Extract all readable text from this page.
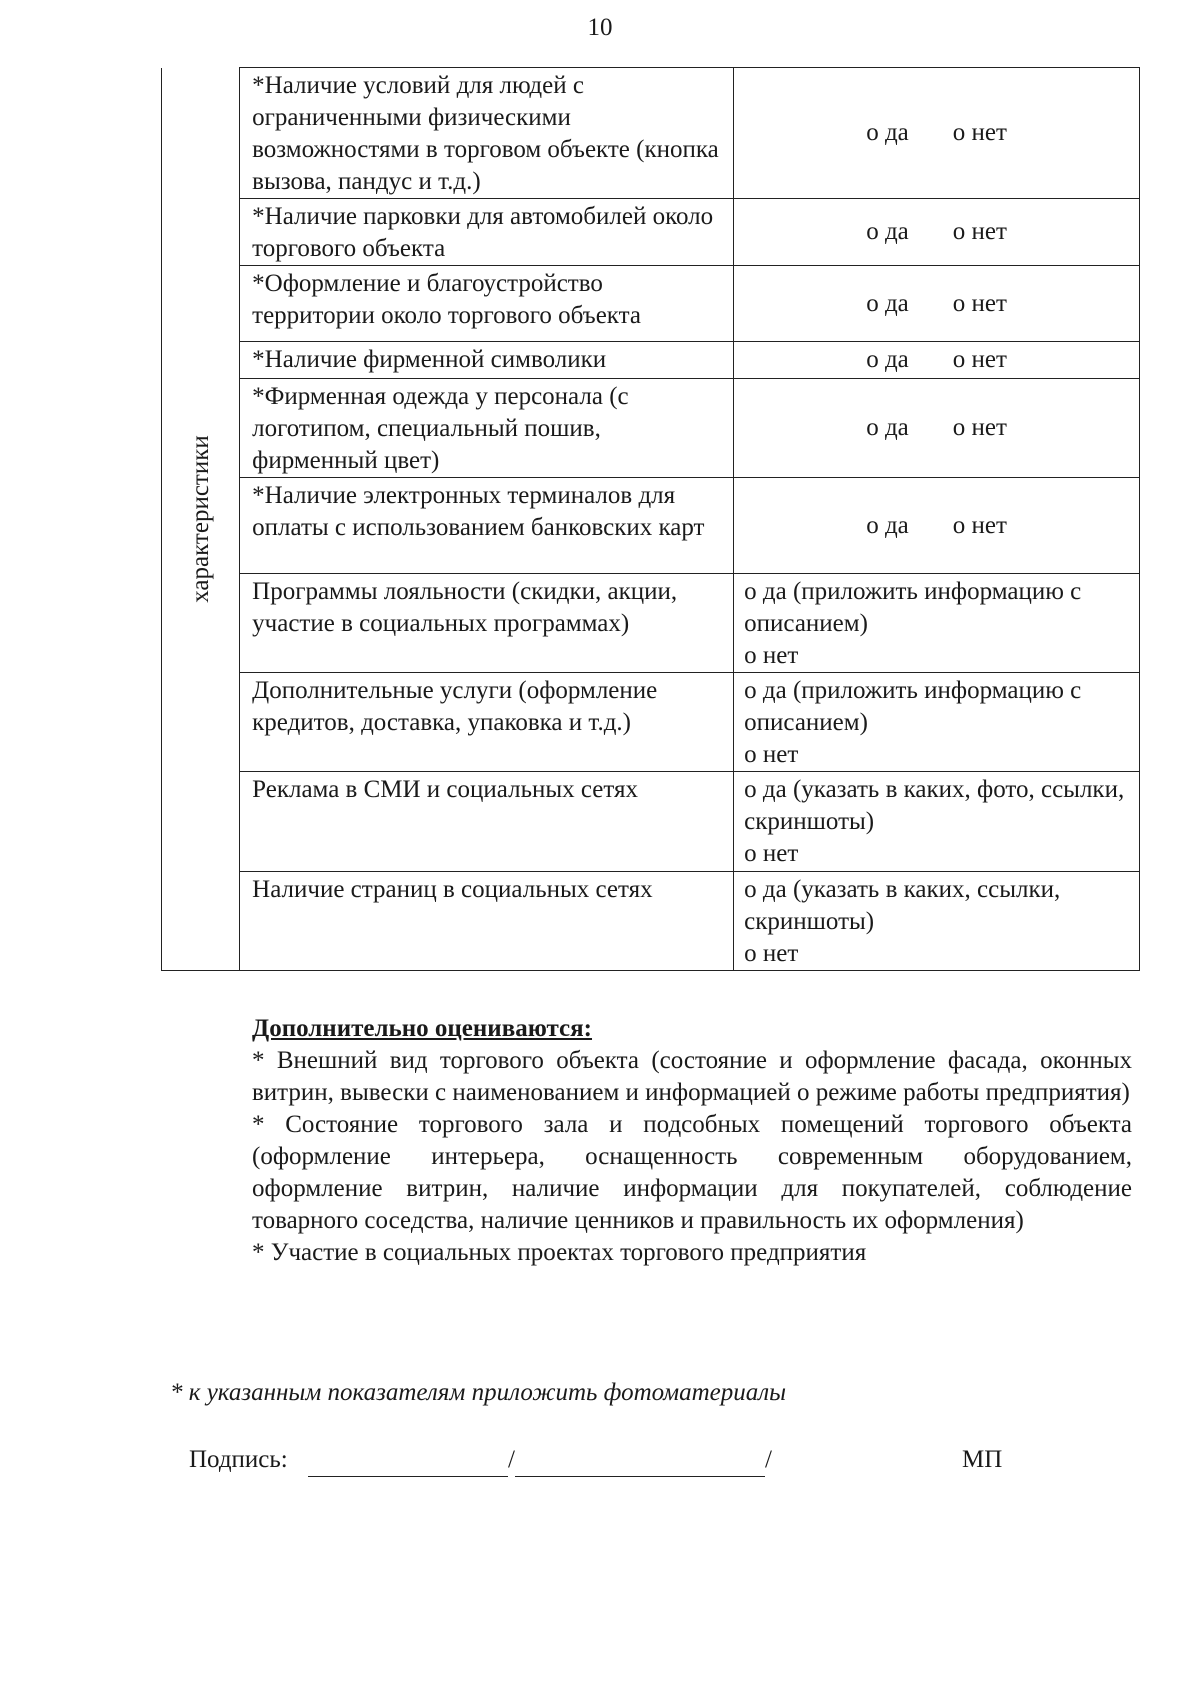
10
характеристики	*Наличие условий для людей с ограниченными физическими возможностями в торговом объекте (кнопка вызова, пандус и т.д.)	о да о нет
	*Наличие парковки для автомобилей около торгового объекта	о да о нет
	*Оформление и благоустройство территории около торгового объекта	о да о нет
	*Наличие фирменной символики	о да о нет
	*Фирменная одежда у персонала (с логотипом, специальный пошив, фирменный цвет)	о да о нет
	*Наличие электронных терминалов для оплаты с использованием банковских карт	о да о нет
	Программы лояльности (скидки, акции, участие в социальных программах)	о да (приложить информацию с описанием)
о нет

	Дополнительные услуги (оформление кредитов, доставка, упаковка и т.д.)	о да (приложить информацию с описанием)
о нет

	Реклама в СМИ и социальных сетях	о да (указать в каких, фото, ссылки, скриншоты)
о нет

	Наличие страниц в социальных сетях	о да (указать в каких, ссылки, скриншоты)
о нет
Дополнительно оцениваются:

* Внешний вид торгового объекта (состояние и оформление фасада, оконных витрин, вывески с наименованием и информацией о режиме работы предприятия)

* Состояние торгового зала и подсобных помещений торгового объекта (оформление интерьера, оснащенность современным оборудованием, оформление витрин, наличие информации для покупателей, соблюдение товарного соседства, наличие ценников и правильность их оформления)

* Участие в социальных проектах торгового предприятия

* к указанным показателям приложить фотоматериалы
Подпись:	/	/	МП
